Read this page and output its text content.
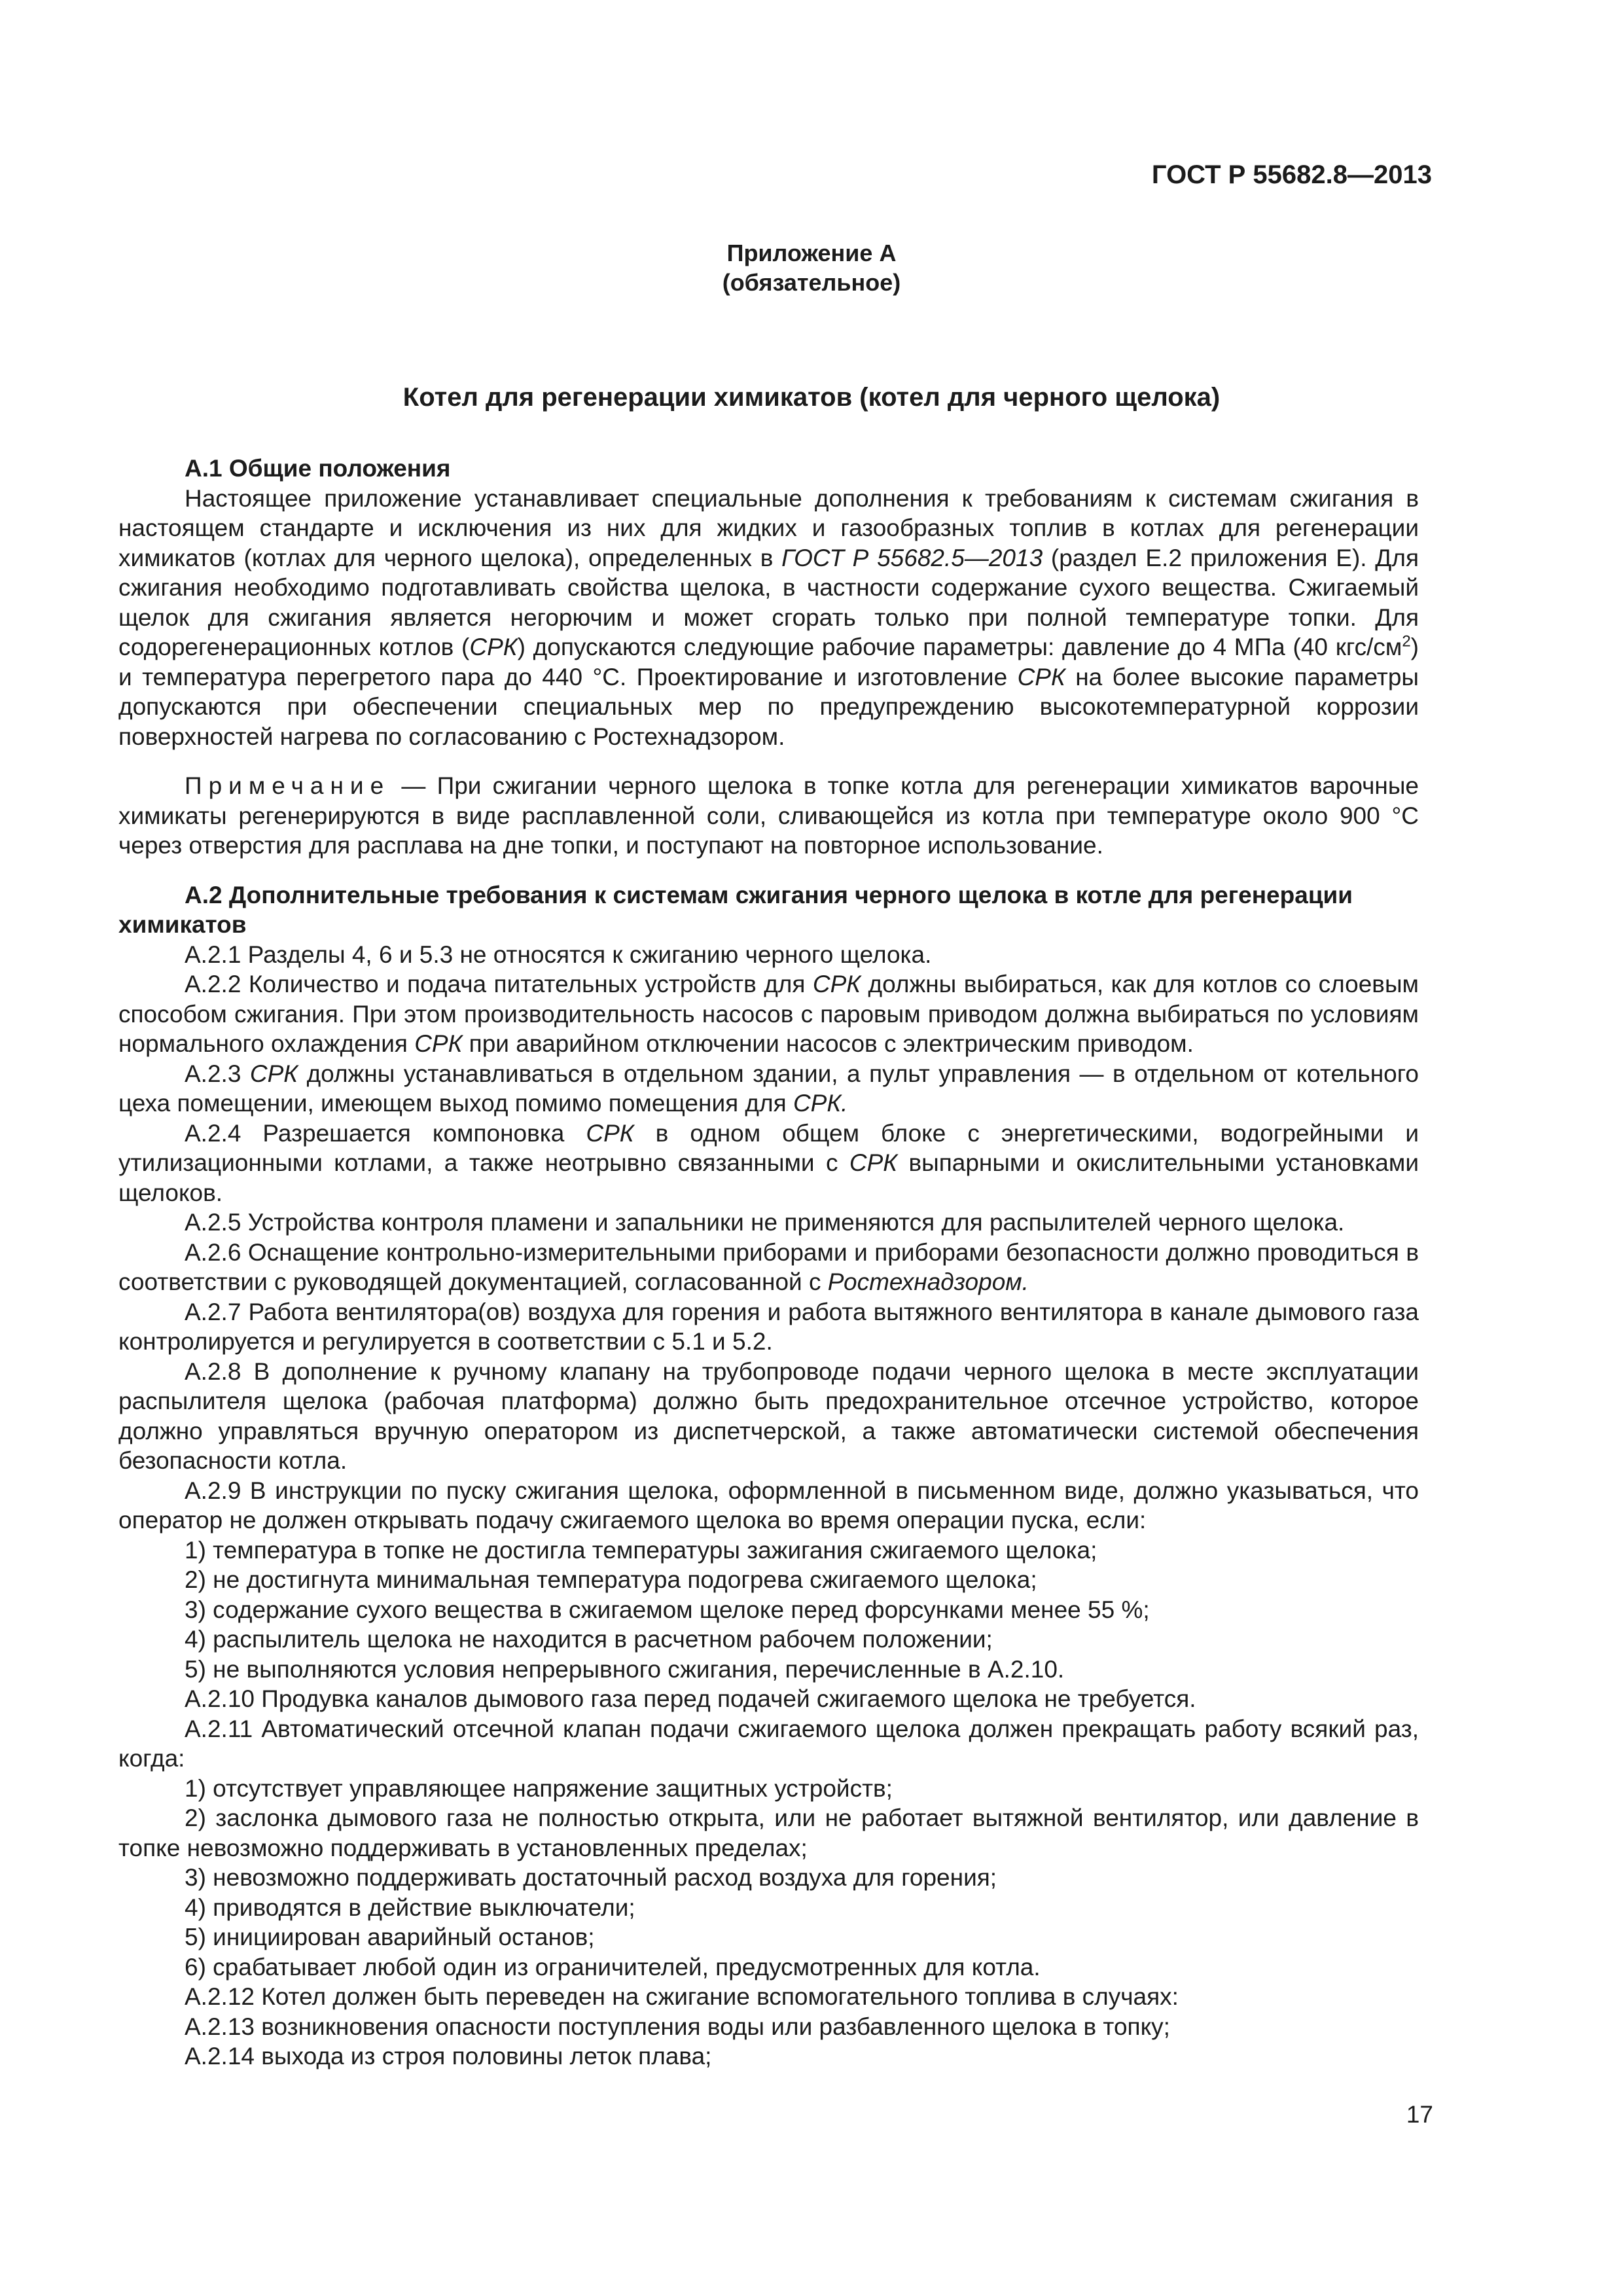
ГОСТ Р 55682.8—2013
Приложение А
(обязательное)
Котел для регенерации химикатов (котел для черного щелока)
А.1 Общие положения

Настоящее приложение устанавливает специальные дополнения к требованиям к системам сжигания в настоящем стандарте и исключения из них для жидких и газообразных топлив в котлах для регенерации химикатов (котлах для черного щелока), определенных в ГОСТ Р 55682.5—2013 (раздел Е.2 приложения Е). Для сжигания необходимо подготавливать свойства щелока, в частности содержание сухого вещества. Сжигаемый щелок для сжигания является негорючим и может сгорать только при полной температуре топки. Для содорегенерационных котлов (СРК) допускаются следующие рабочие параметры: давление до 4 МПа (40 кгс/$см^2$) и температура перегретого пара до 440 °С. Проектирование и изготовление СРК на более высокие параметры допускаются при обеспечении специальных мер по предупреждению высокотемпературной коррозии поверхностей нагрева по согласованию с Ростехнадзором.

Примечание — При сжигании черного щелока в топке котла для регенерации химикатов варочные химикаты регенерируются в виде расплавленной соли, сливающейся из котла при температуре около 900 °С через отверстия для расплава на дне топки, и поступают на повторное использование.

А.2 Дополнительные требования к системам сжигания черного щелока в котле для регенерации химикатов

А.2.1 Разделы 4, 6 и 5.3 не относятся к сжиганию черного щелока.

А.2.2 Количество и подача питательных устройств для СРК должны выбираться, как для котлов со слоевым способом сжигания. При этом производительность насосов с паровым приводом должна выбираться по условиям нормального охлаждения СРК при аварийном отключении насосов с электрическим приводом.

А.2.3 СРК должны устанавливаться в отдельном здании, а пульт управления — в отдельном от котельного цеха помещении, имеющем выход помимо помещения для СРК.

А.2.4 Разрешается компоновка СРК в одном общем блоке с энергетическими, водогрейными и утилизационными котлами, а также неотрывно связанными с СРК выпарными и окислительными установками щелоков.

А.2.5 Устройства контроля пламени и запальники не применяются для распылителей черного щелока.

А.2.6 Оснащение контрольно-измерительными приборами и приборами безопасности должно проводиться в соответствии с руководящей документацией, согласованной с Ростехнадзором.

А.2.7 Работа вентилятора(ов) воздуха для горения и работа вытяжного вентилятора в канале дымового газа контролируется и регулируется в соответствии с 5.1 и 5.2.

А.2.8 В дополнение к ручному клапану на трубопроводе подачи черного щелока в месте эксплуатации распылителя щелока (рабочая платформа) должно быть предохранительное отсечное устройство, которое должно управляться вручную оператором из диспетчерской, а также автоматически системой обеспечения безопасности котла.

А.2.9 В инструкции по пуску сжигания щелока, оформленной в письменном виде, должно указываться, что оператор не должен открывать подачу сжигаемого щелока во время операции пуска, если:

1) температура в топке не достигла температуры зажигания сжигаемого щелока;

2) не достигнута минимальная температура подогрева сжигаемого щелока;

3) содержание сухого вещества в сжигаемом щелоке перед форсунками менее 55 %;

4) распылитель щелока не находится в расчетном рабочем положении;

5) не выполняются условия непрерывного сжигания, перечисленные в А.2.10.

А.2.10 Продувка каналов дымового газа перед подачей сжигаемого щелока не требуется.

А.2.11 Автоматический отсечной клапан подачи сжигаемого щелока должен прекращать работу всякий раз, когда:

1) отсутствует управляющее напряжение защитных устройств;

2) заслонка дымового газа не полностью открыта, или не работает вытяжной вентилятор, или давление в топке невозможно поддерживать в установленных пределах;

3) невозможно поддерживать достаточный расход воздуха для горения;

4) приводятся в действие выключатели;

5) инициирован аварийный останов;

6) срабатывает любой один из ограничителей, предусмотренных для котла.

А.2.12 Котел должен быть переведен на сжигание вспомогательного топлива в случаях:

А.2.13 возникновения опасности поступления воды или разбавленного щелока в топку;

А.2.14 выхода из строя половины леток плава;

17
